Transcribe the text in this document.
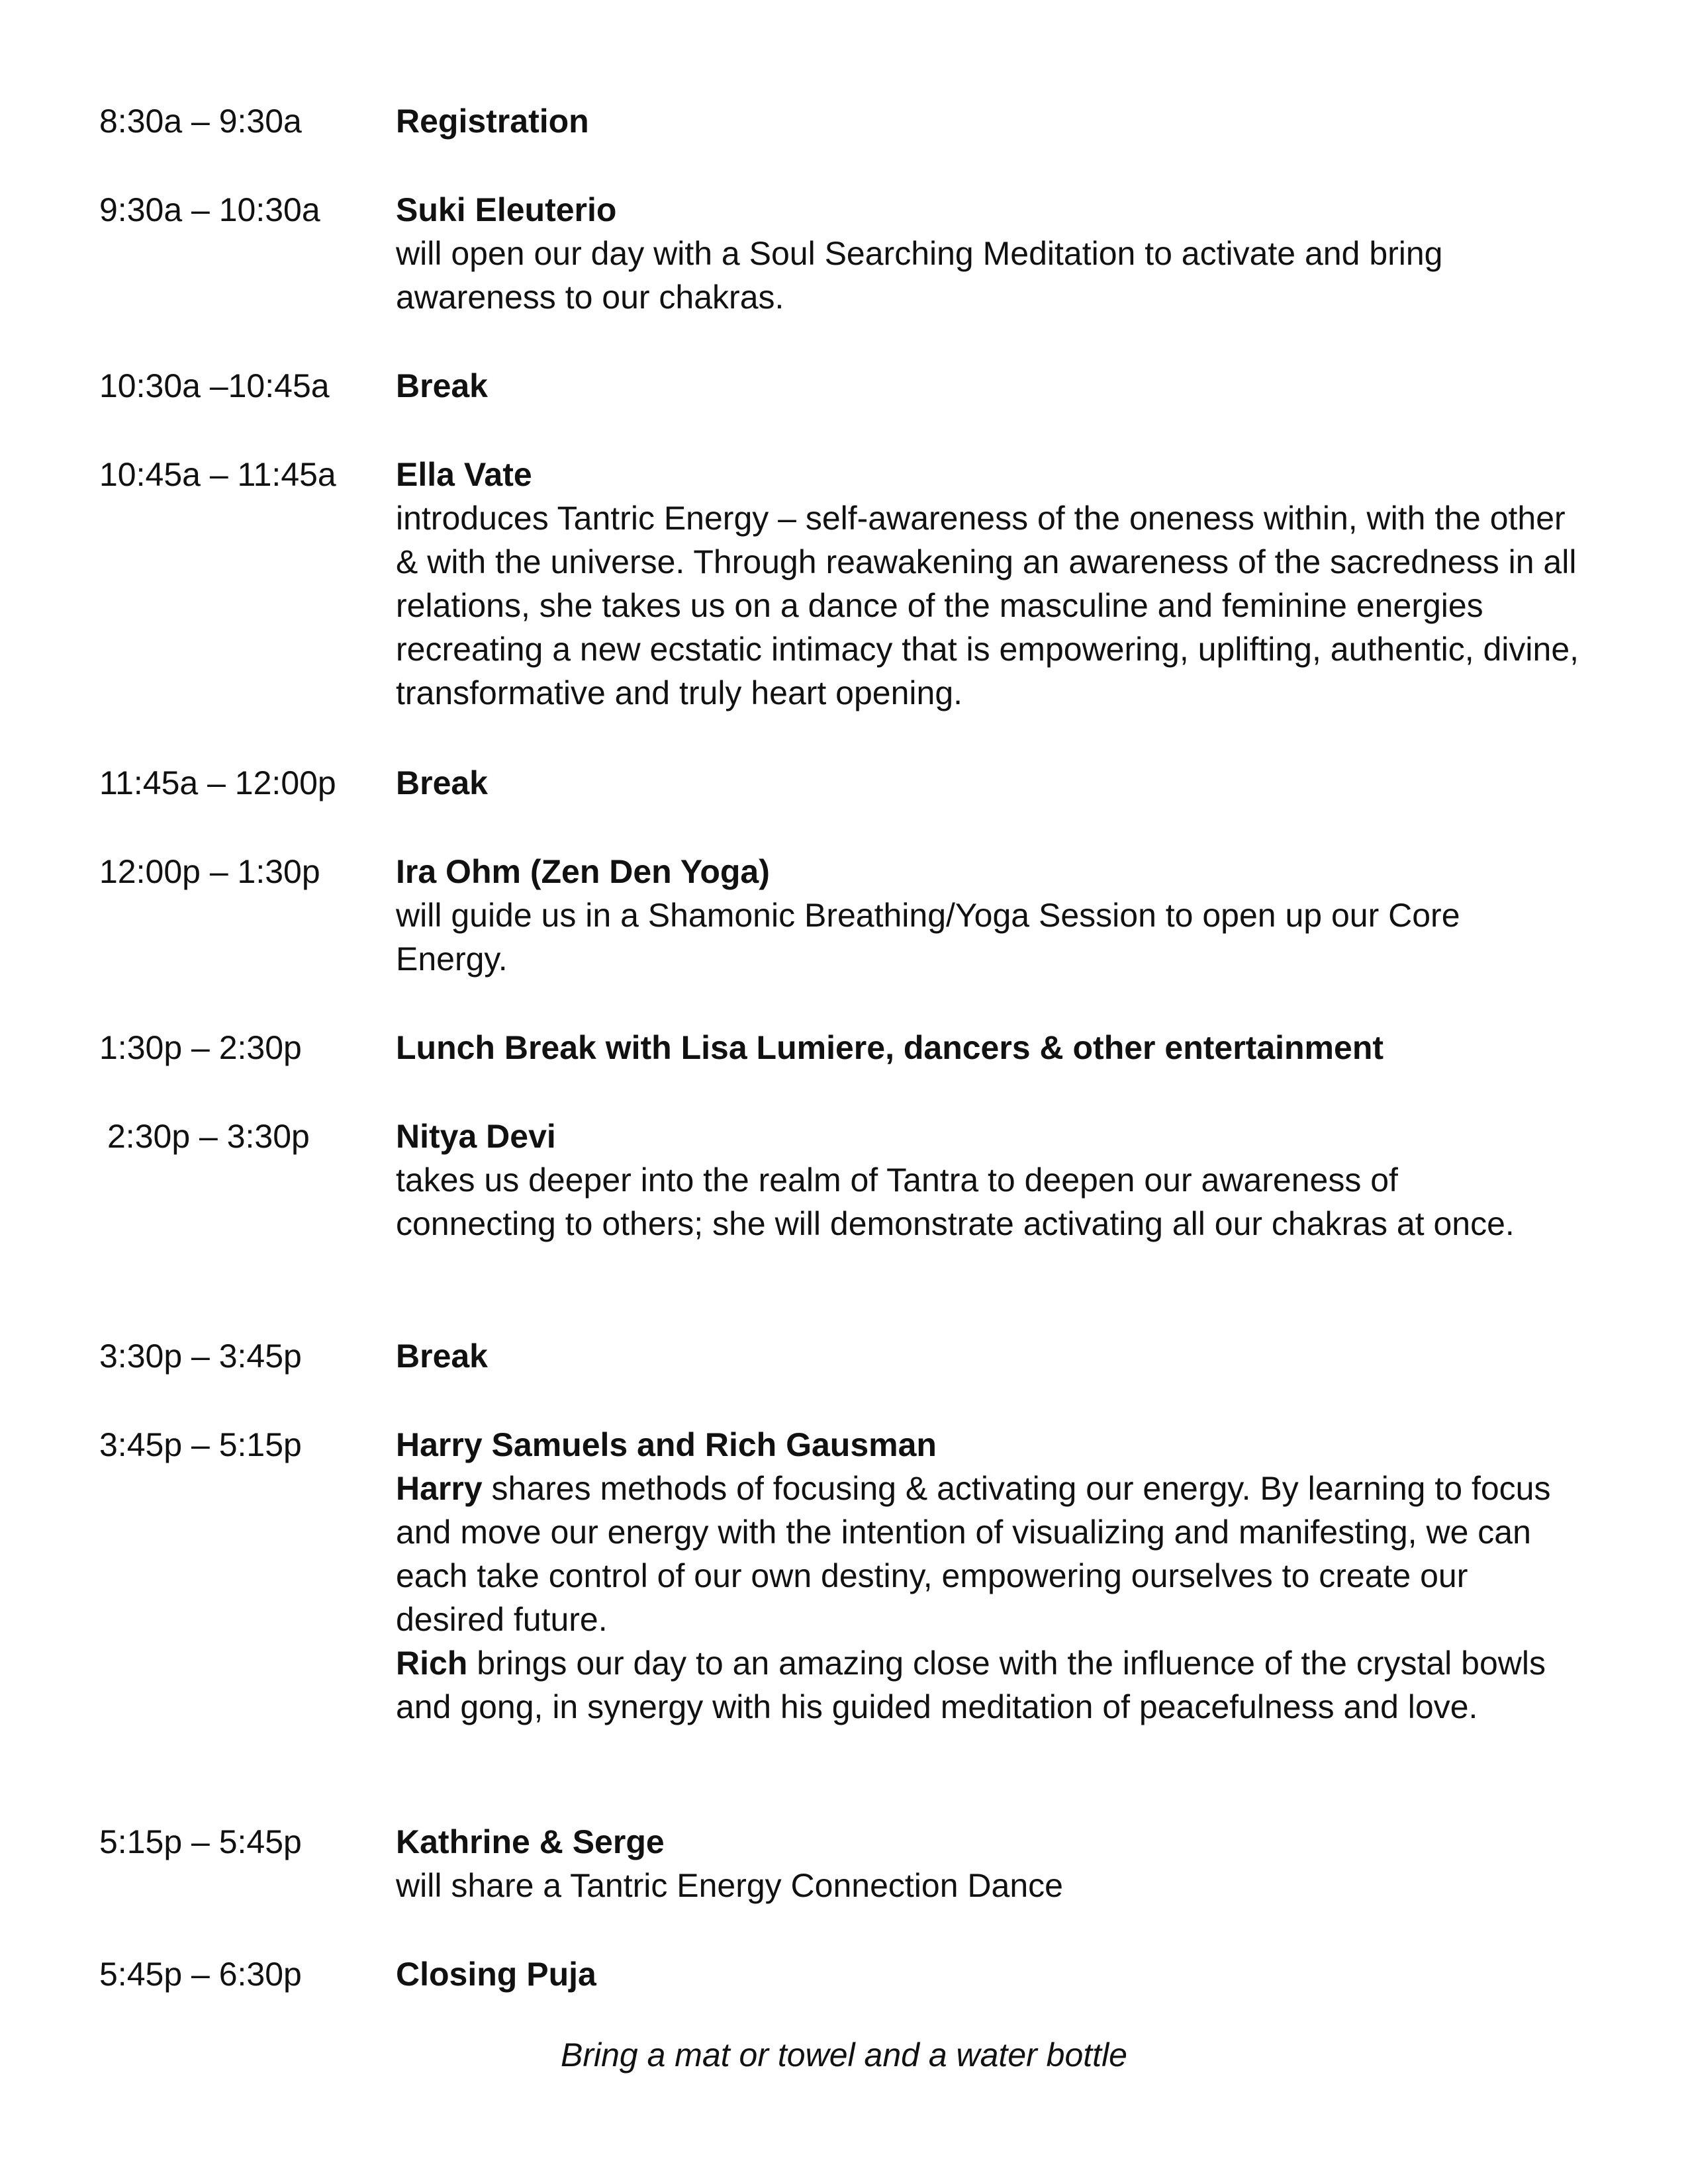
8:30a – 9:30a	Registration
9:30a – 10:30a Suki Eleuterio
will open our day with a Soul Searching Meditation to activate and bring awareness to our chakras.
10:30a –10:45a Break
10:45a – 11:45a Ella Vate
introduces Tantric Energy – self-awareness of the oneness within, with the other & with the universe. Through reawakening an awareness of the sacredness in all relations, she takes us on a dance of the masculine and feminine energies recreating a new ecstatic intimacy that is empowering, uplifting, authentic, divine, transformative and truly heart opening.
11:45a – 12:00p Break
12:00p – 1:30p Ira Ohm (Zen Den Yoga)
will guide us in a Shamonic Breathing/Yoga Session to open up our Core Energy.
1:30p – 2:30p	Lunch Break with Lisa Lumiere, dancers & other entertainment
2:30p – 3:30p	Nitya Devi
takes us deeper into the realm of Tantra to deepen our awareness of connecting to others; she will demonstrate activating all our chakras at once.
3:30p – 3:45p	Break
3:45p – 5:15p	Harry Samuels and Rich Gausman
Harry shares methods of focusing & activating our energy. By learning to focus and move our energy with the intention of visualizing and manifesting, we can each take control of our own destiny, empowering ourselves to create our desired future.
Rich brings our day to an amazing close with the influence of the crystal bowls and gong, in synergy with his guided meditation of peacefulness and love.
5:15p – 5:45p	Kathrine & Serge
will share a Tantric Energy Connection Dance
5:45p – 6:30p	Closing Puja
Bring a mat or towel and a water bottle
